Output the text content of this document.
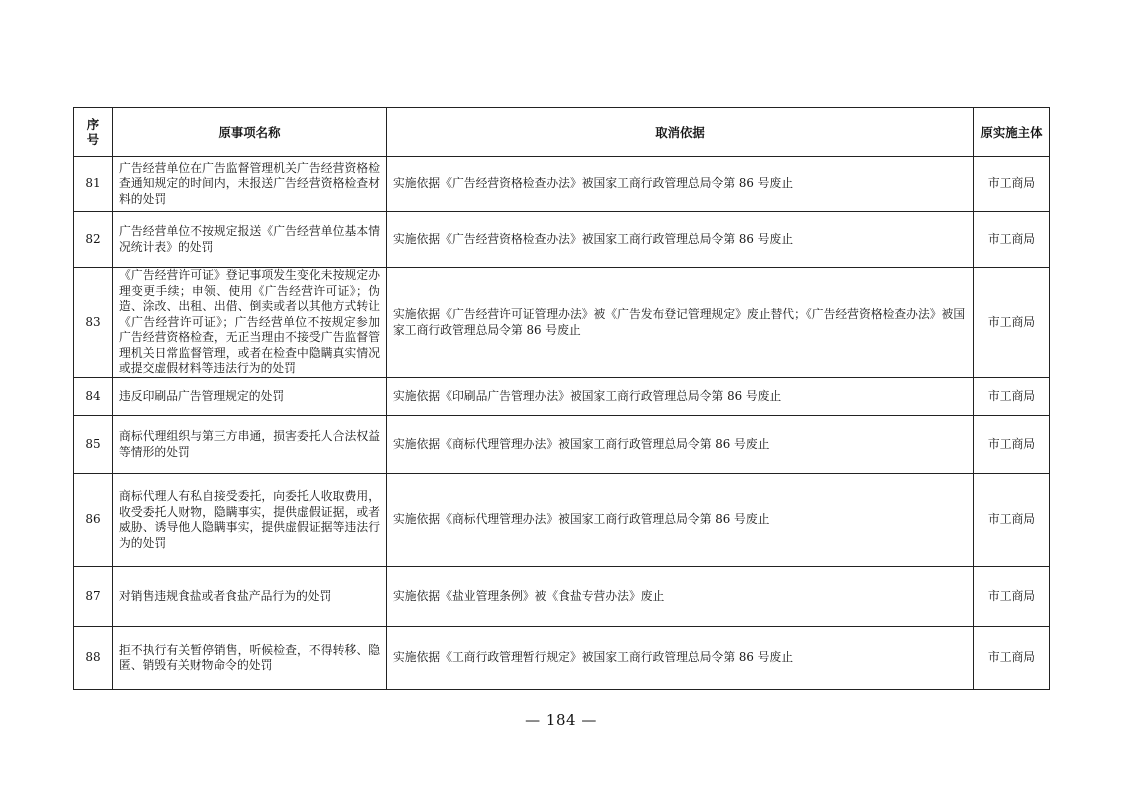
序号	原事项名称	取消依据	原实施主体
81	广告经营单位在广告监督管理机关广告经营资格检查通知规定的时间内，未报送广告经营资格检查材料的处罚	实施依据《广告经营资格检查办法》被国家工商行政管理总局令第 86 号废止	市工商局
82	广告经营单位不按规定报送《广告经营单位基本情况统计表》的处罚	实施依据《广告经营资格检查办法》被国家工商行政管理总局令第 86 号废止	市工商局
83	《广告经营许可证》登记事项发生变化未按规定办理变更手续；申领、使用《广告经营许可证》；伪造、涂改、出租、出借、倒卖或者以其他方式转让《广告经营许可证》；广告经营单位不按规定参加广告经营资格检查，无正当理由不接受广告监督管理机关日常监督管理，或者在检查中隐瞒真实情况或提交虚假材料等违法行为的处罚	实施依据《广告经营许可证管理办法》被《广告发布登记管理规定》废止替代；《广告经营资格检查办法》被国家工商行政管理总局令第 86 号废止	市工商局
84	违反印刷品广告管理规定的处罚	实施依据《印刷品广告管理办法》被国家工商行政管理总局令第 86 号废止	市工商局
85	商标代理组织与第三方串通，损害委托人合法权益等情形的处罚	实施依据《商标代理管理办法》被国家工商行政管理总局令第 86 号废止	市工商局
86	商标代理人有私自接受委托，向委托人收取费用，收受委托人财物，隐瞒事实，提供虚假证据，或者威胁、诱导他人隐瞒事实，提供虚假证据等违法行为的处罚	实施依据《商标代理管理办法》被国家工商行政管理总局令第 86 号废止	市工商局
87	对销售违规食盐或者食盐产品行为的处罚	实施依据《盐业管理条例》被《食盐专营办法》废止	市工商局
88	拒不执行有关暂停销售，听候检查，不得转移、隐匿、销毁有关财物命令的处罚	实施依据《工商行政管理暂行规定》被国家工商行政管理总局令第 86 号废止	市工商局
— 184 —
